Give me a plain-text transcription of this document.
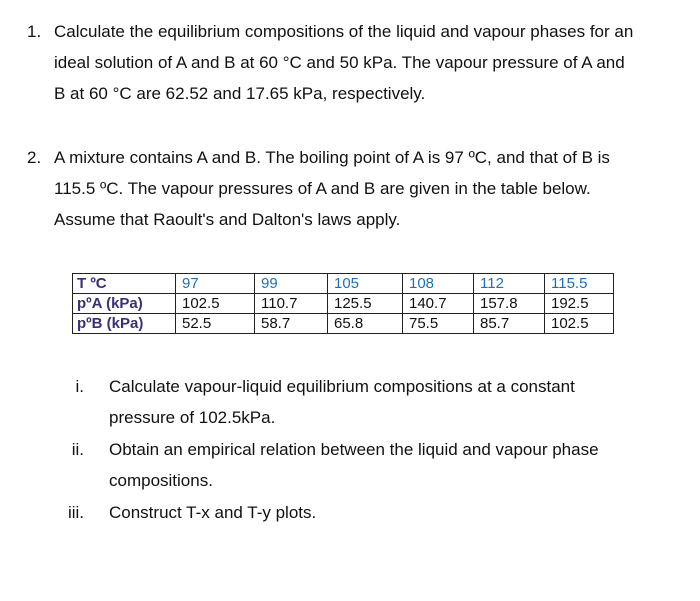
1. Calculate the equilibrium compositions of the liquid and vapour phases for an
ideal solution of A and B at 60 °C and 50 kPa. The vapour pressure of A and
B at 60 °C are 62.52 and 17.65 kPa, respectively.
2. A mixture contains A and B. The boiling point of A is 97 ºC, and that of B is
115.5 ºC. The vapour pressures of A and B are given in the table below.
Assume that Raoult's and Dalton's laws apply.
T ºC	97	99	105	108	112	115.5
pºA (kPa)	102.5	110.7	125.5	140.7	157.8	192.5
pºB (kPa)	52.5	58.7	65.8	75.5	85.7	102.5
i. Calculate vapour-liquid equilibrium compositions at a constant
pressure of 102.5kPa.
ii. Obtain an empirical relation between the liquid and vapour phase
compositions.
iii. Construct T-x and T-y plots.
